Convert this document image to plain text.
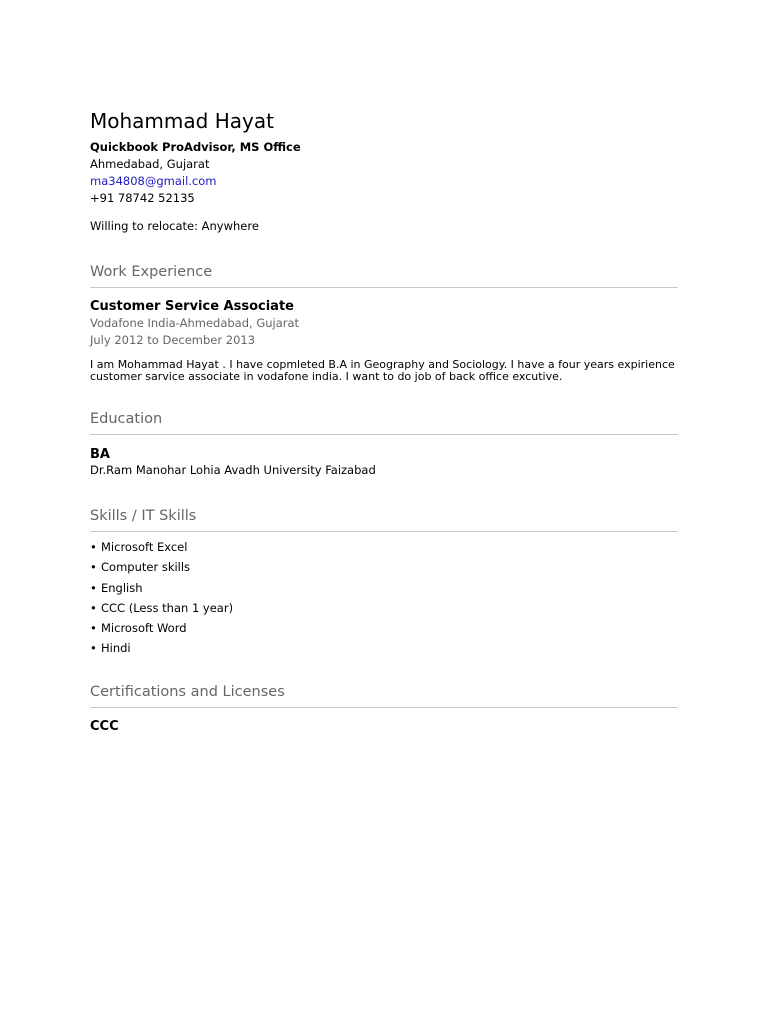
Mohammad Hayat
Quickbook ProAdvisor, MS Office
Ahmedabad, Gujarat
ma34808@gmail.com
+91 78742 52135
Willing to relocate: Anywhere
Work Experience
Customer Service Associate
Vodafone India-Ahmedabad, Gujarat
July 2012 to December 2013
I am Mohammad Hayat . I have copmleted B.A in Geography and Sociology. I have a four years expirience customer sarvice associate in vodafone india. I want to do job of back office excutive.
Education
BA
Dr.Ram Manohar Lohia Avadh University Faizabad
Skills / IT Skills
• Microsoft Excel
• Computer skills
• English
• CCC (Less than 1 year)
• Microsoft Word
• Hindi
Certifications and Licenses
CCC
